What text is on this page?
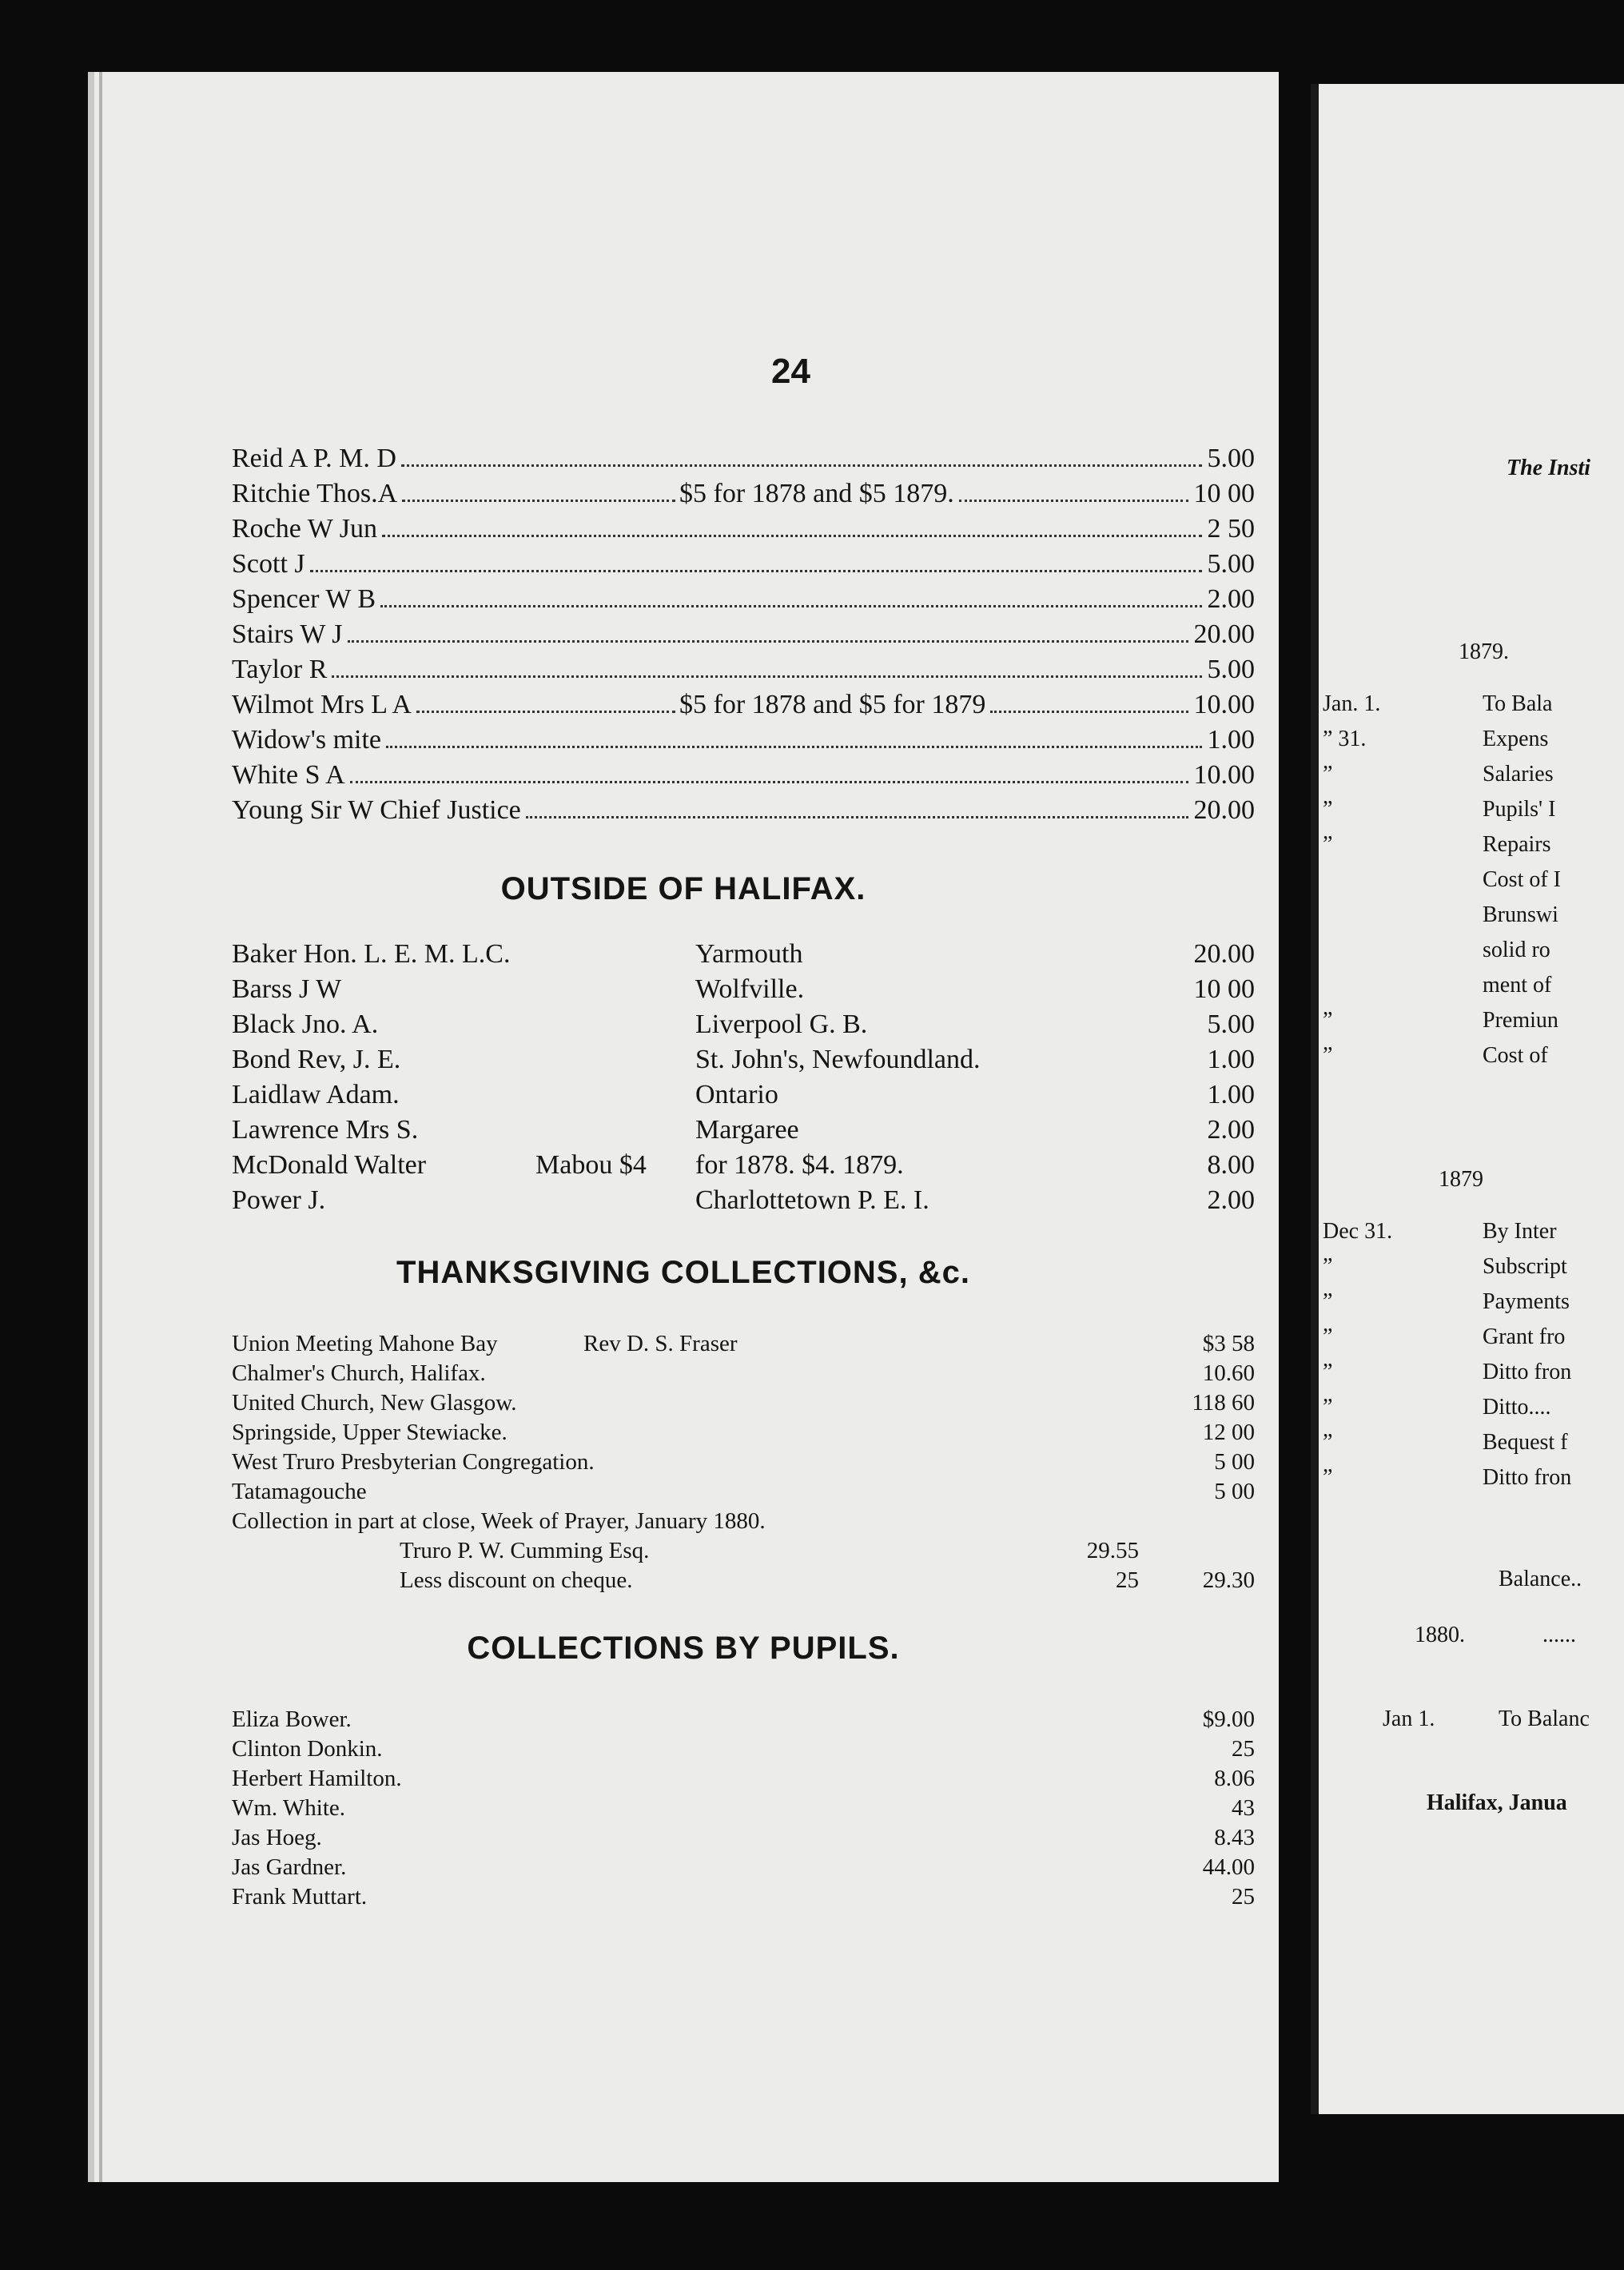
24
Reid A P. M. D	5.00
Ritchie Thos.A	$5 for 1878 and $5 1879.	10 00
Roche W Jun	2 50
Scott J	5.00
Spencer W B	2.00
Stairs W J	20.00
Taylor R	5.00
Wilmot Mrs L A	$5 for 1878 and $5 for 1879	10.00
Widow's mite	1.00
White S A	10.00
Young Sir W Chief Justice	20.00
OUTSIDE OF HALIFAX.
Baker Hon. L. E. M. L.C.	Yarmouth	20.00
Barss J W	Wolfville.	10 00
Black Jno. A.	Liverpool G. B.	5.00
Bond Rev, J. E.	St. John's, Newfoundland.	1.00
Laidlaw Adam.	Ontario	1.00
Lawrence Mrs S.	Margaree	2.00
McDonald Walter	Mabou $4 for 1878. $4. 1879.	8.00
Power J.	Charlottetown P. E. I.	2.00
THANKSGIVING COLLECTIONS, &c.
Union Meeting Mahone Bay	Rev D. S. Fraser	$3 58
Chalmer's Church, Halifax.	10.60
United Church, New Glasgow.	118 60
Springside, Upper Stewiacke.	12 00
West Truro Presbyterian Congregation.	5 00
Tatamagouche	5 00
Collection in part at close, Week of Prayer, January 1880.
Truro P. W. Cumming Esq.	29.55
Less discount on cheque.	25	29.30
COLLECTIONS BY PUPILS.
Eliza Bower.	$9.00
Clinton Donkin.	25
Herbert Hamilton.	8.06
Wm. White.	43
Jas Hoeg.	8.43
Jas Gardner.	44.00
Frank Muttart.	25
The Insti
1879.
Jan. 1.	To Bala
” 31.	Expens
”	Salaries
”	Pupils' I
”	Repairs
Cost of I
Brunswi
solid ro
ment of
”	Premiun
”	Cost of
1879
Dec 31.	By Inter
”	Subscript
”	Payments
”	Grant fro
”	Ditto fron
”	Ditto....
”	Bequest f
”	Ditto fron
Balance..
1880.	......
Jan 1.	To Balanc
Halifax, Janua
